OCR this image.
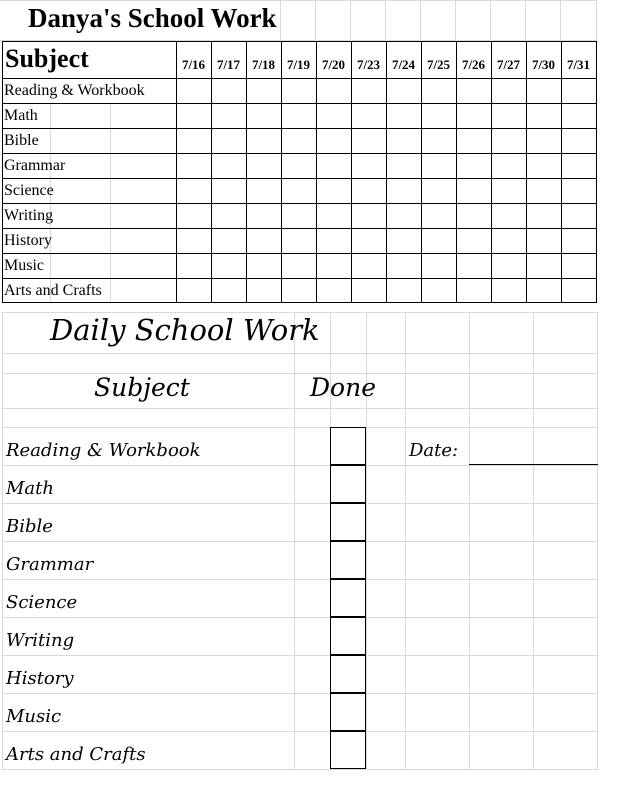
Danya's School Work
Subject	7/16 7/17 7/18 7/19 7/20 7/23 7/24 7/25 7/26 7/27 7/30 7/31
Reading & Workbook
Math
Bible
Grammar
Science
Writing
History
Music
Arts and Crafts
Daily School Work
Subject	Done
Date:
Reading & Workbook
Math
Bible
Grammar
Science
Writing
History
Music
Arts and Crafts
